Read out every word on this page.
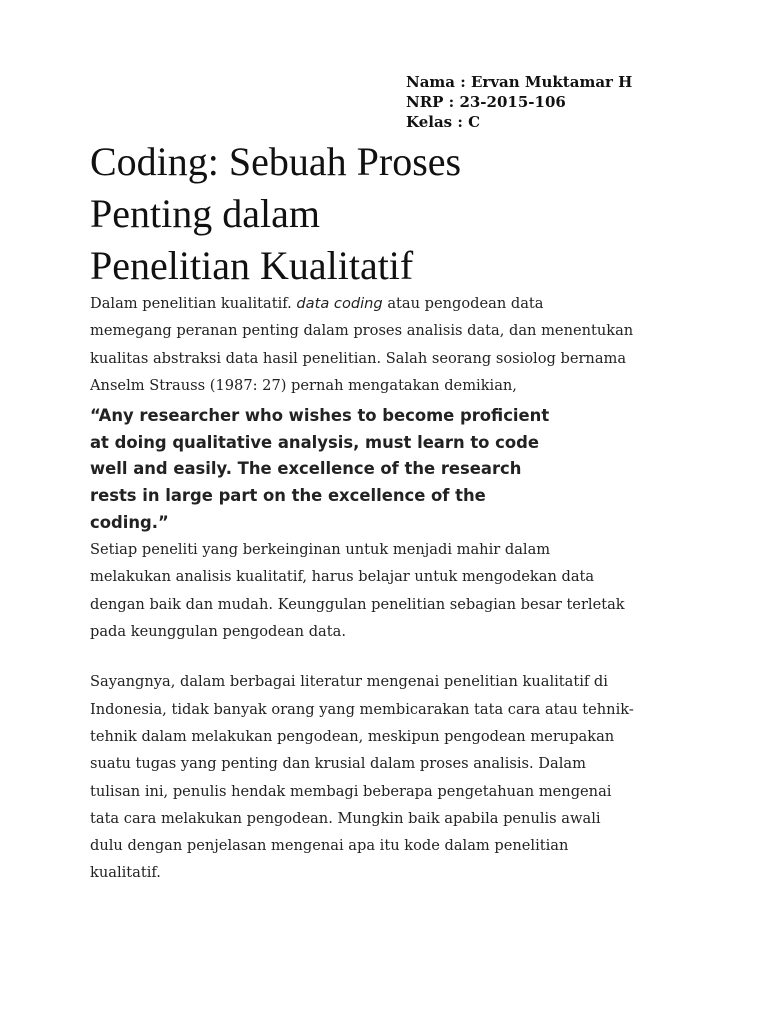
Nama : Ervan Muktamar H
NRP : 23-2015-106
Kelas : C
Coding: Sebuah Proses
Penting dalam
Penelitian Kualitatif

Dalam penelitian kualitatif. data coding atau pengodean data
memegang peranan penting dalam proses analisis data, dan menentukan
kualitas abstraksi data hasil penelitian. Salah seorang sosiolog bernama
Anselm Strauss (1987: 27) pernah mengatakan demikian,

“Any researcher who wishes to become proficient
at doing qualitative analysis, must learn to code
well and easily. The excellence of the research
rests in large part on the excellence of the
coding.”

Setiap peneliti yang berkeinginan untuk menjadi mahir dalam
melakukan analisis kualitatif, harus belajar untuk mengodekan data
dengan baik dan mudah. Keunggulan penelitian sebagian besar terletak
pada keunggulan pengodean data.

Sayangnya, dalam berbagai literatur mengenai penelitian kualitatif di
Indonesia, tidak banyak orang yang membicarakan tata cara atau tehnik-
tehnik dalam melakukan pengodean, meskipun pengodean merupakan
suatu tugas yang penting dan krusial dalam proses analisis. Dalam
tulisan ini, penulis hendak membagi beberapa pengetahuan mengenai
tata cara melakukan pengodean. Mungkin baik apabila penulis awali
dulu dengan penjelasan mengenai apa itu kode dalam penelitian
kualitatif.
